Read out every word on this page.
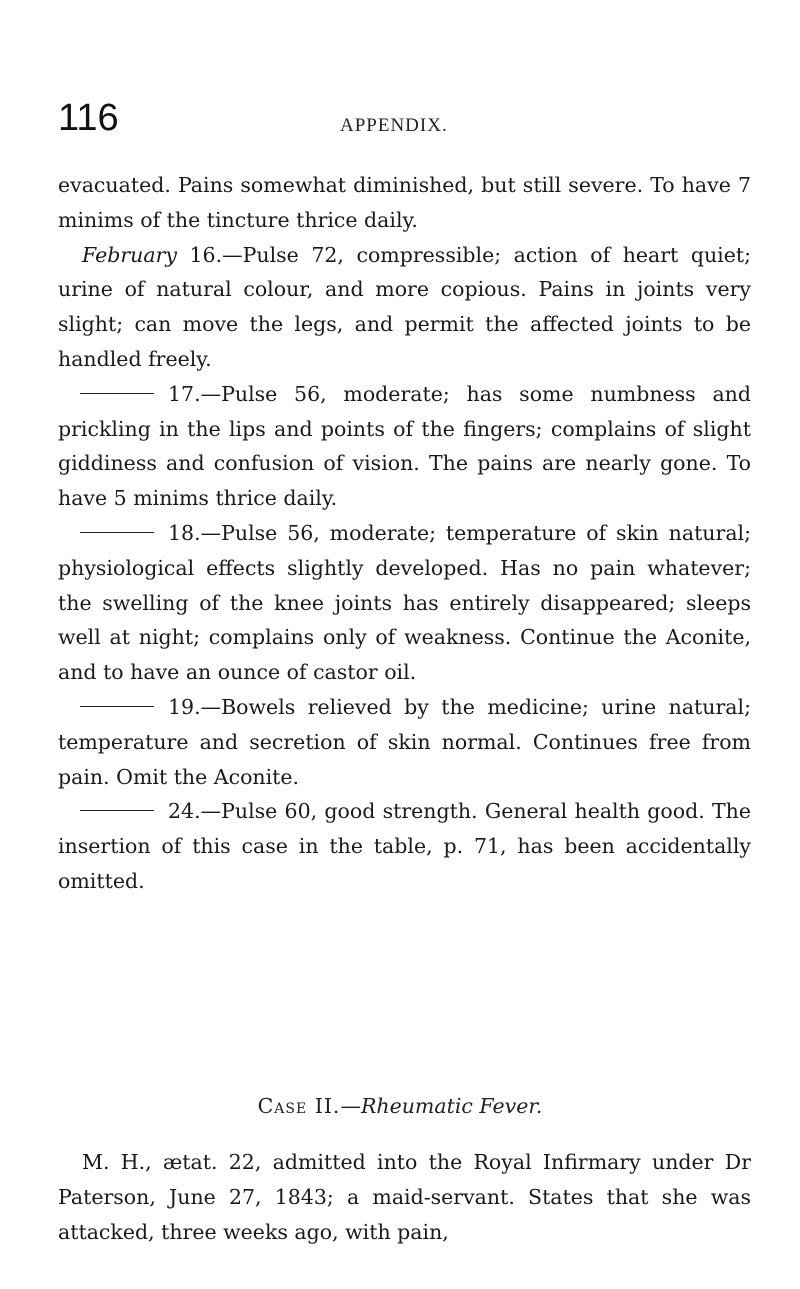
116	APPENDIX.

evacuated. Pains somewhat diminished, but still severe. To have 7 minims of the tincture thrice daily.

February 16.—Pulse 72, compressible; action of heart quiet; urine of natural colour, and more copious. Pains in joints very slight; can move the legs, and permit the affected joints to be handled freely.

17.—Pulse 56, moderate; has some numbness and prickling in the lips and points of the fingers; complains of slight giddiness and confusion of vision. The pains are nearly gone. To have 5 minims thrice daily.

18.—Pulse 56, moderate; temperature of skin natural; physiological effects slightly developed. Has no pain whatever; the swelling of the knee joints has entirely disappeared; sleeps well at night; complains only of weakness. Continue the Aconite, and to have an ounce of castor oil.

19.—Bowels relieved by the medicine; urine natural; temperature and secretion of skin normal. Continues free from pain. Omit the Aconite.

24.—Pulse 60, good strength. General health good. The insertion of this case in the table, p. 71, has been accidentally omitted.

Case II.—Rheumatic Fever.

M. H., ætat. 22, admitted into the Royal Infirmary under Dr Paterson, June 27, 1843; a maid-servant. States that she was attacked, three weeks ago, with pain,
